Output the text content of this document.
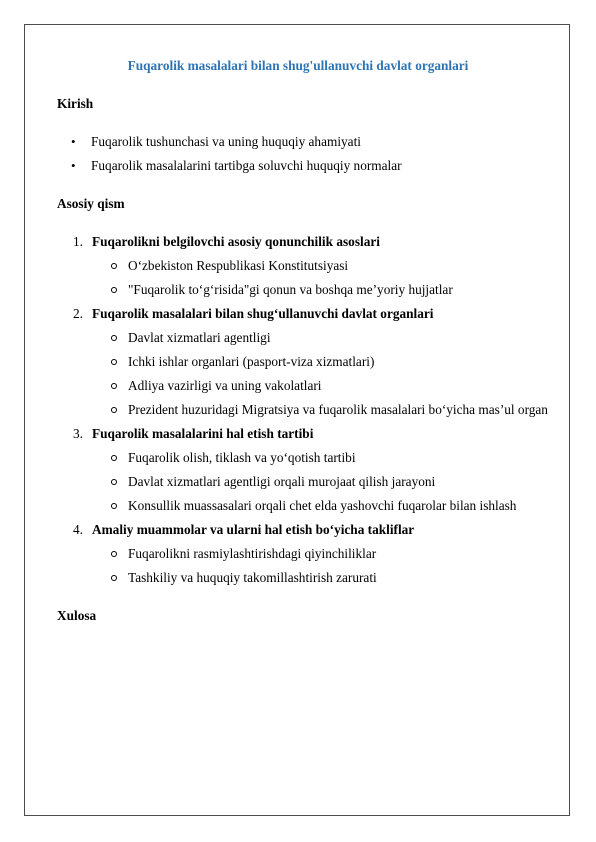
Fuqarolik masalalari bilan shug'ullanuvchi davlat organlari
Kirish
• Fuqarolik tushunchasi va uning huquqiy ahamiyati
• Fuqarolik masalalarini tartibga soluvchi huquqiy normalar
Asosiy qism
1. Fuqarolikni belgilovchi asosiy qonunchilik asoslari
O‘zbekiston Respublikasi Konstitutsiyasi
"Fuqarolik to‘g‘risida"gi qonun va boshqa me’yoriy hujjatlar
2. Fuqarolik masalalari bilan shug‘ullanuvchi davlat organlari
Davlat xizmatlari agentligi
Ichki ishlar organlari (pasport-viza xizmatlari)
Adliya vazirligi va uning vakolatlari
Prezident huzuridagi Migratsiya va fuqarolik masalalari bo‘yicha mas’ul organ
3. Fuqarolik masalalarini hal etish tartibi
Fuqarolik olish, tiklash va yo‘qotish tartibi
Davlat xizmatlari agentligi orqali murojaat qilish jarayoni
Konsullik muassasalari orqali chet elda yashovchi fuqarolar bilan ishlash
4. Amaliy muammolar va ularni hal etish bo‘yicha takliflar
Fuqarolikni rasmiylashtirishdagi qiyinchiliklar
Tashkiliy va huquqiy takomillashtirish zarurati
Xulosa
